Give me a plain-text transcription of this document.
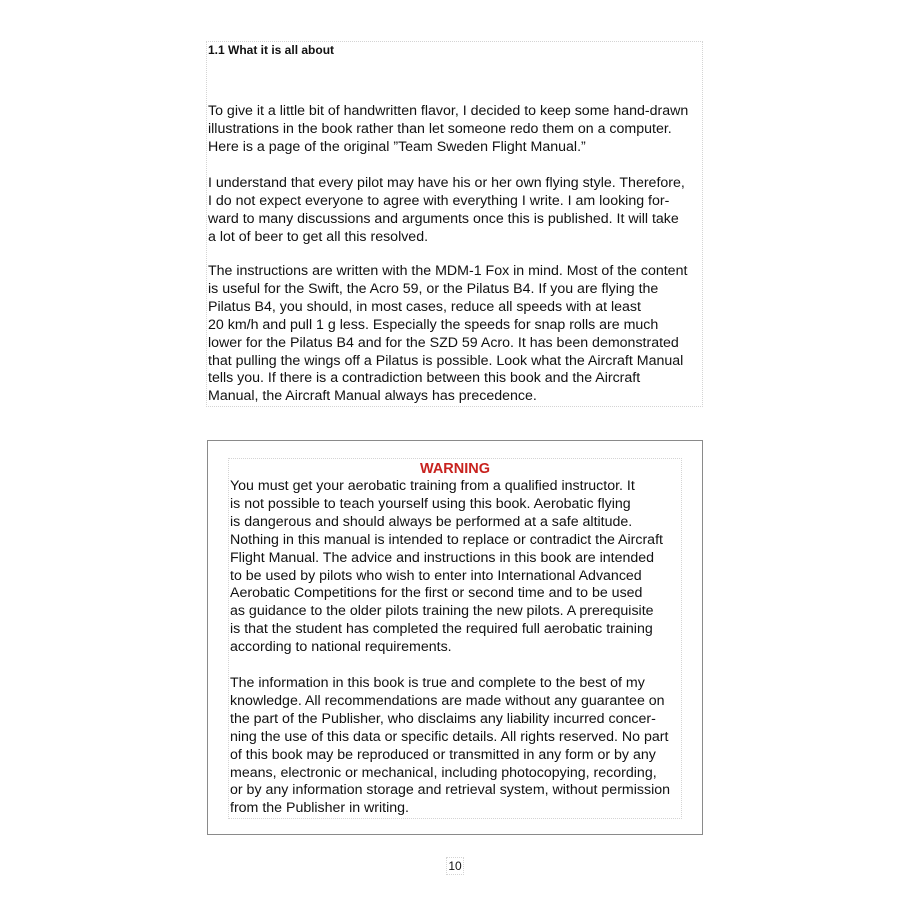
1.1 What it is all about
To give it a little bit of handwritten flavor, I decided to keep some hand-drawn
illustrations in the book rather than let someone redo them on a computer.
Here is a page of the original ”Team Sweden Flight Manual.”
I understand that every pilot may have his or her own flying style. Therefore,
I do not expect everyone to agree with everything I write. I am looking for-
ward to many discussions and arguments once this is published. It will take
a lot of beer to get all this resolved.
The instructions are written with the MDM-1 Fox in mind. Most of the content
is useful for the Swift, the Acro 59, or the Pilatus B4. If you are flying the
Pilatus B4, you should, in most cases, reduce all speeds with at least
20 km/h and pull 1 g less. Especially the speeds for snap rolls are much
lower for the Pilatus B4 and for the SZD 59 Acro. It has been demonstrated
that pulling the wings off a Pilatus is possible. Look what the Aircraft Manual
tells you. If there is a contradiction between this book and the Aircraft
Manual, the Aircraft Manual always has precedence.
WARNING
You must get your aerobatic training from a qualified instructor. It
is not possible to teach yourself using this book. Aerobatic flying
is dangerous and should always be performed at a safe altitude.
Nothing in this manual is intended to replace or contradict the Aircraft
Flight Manual. The advice and instructions in this book are intended
to be used by pilots who wish to enter into International Advanced
Aerobatic Competitions for the first or second time and to be used
as guidance to the older pilots training the new pilots. A prerequisite
is that the student has completed the required full aerobatic training
according to national requirements.
The information in this book is true and complete to the best of my
knowledge. All recommendations are made without any guarantee on
the part of the Publisher, who disclaims any liability incurred concer-
ning the use of this data or specific details. All rights reserved. No part
of this book may be reproduced or transmitted in any form or by any
means, electronic or mechanical, including photocopying, recording,
or by any information storage and retrieval system, without permission
from the Publisher in writing.
10
